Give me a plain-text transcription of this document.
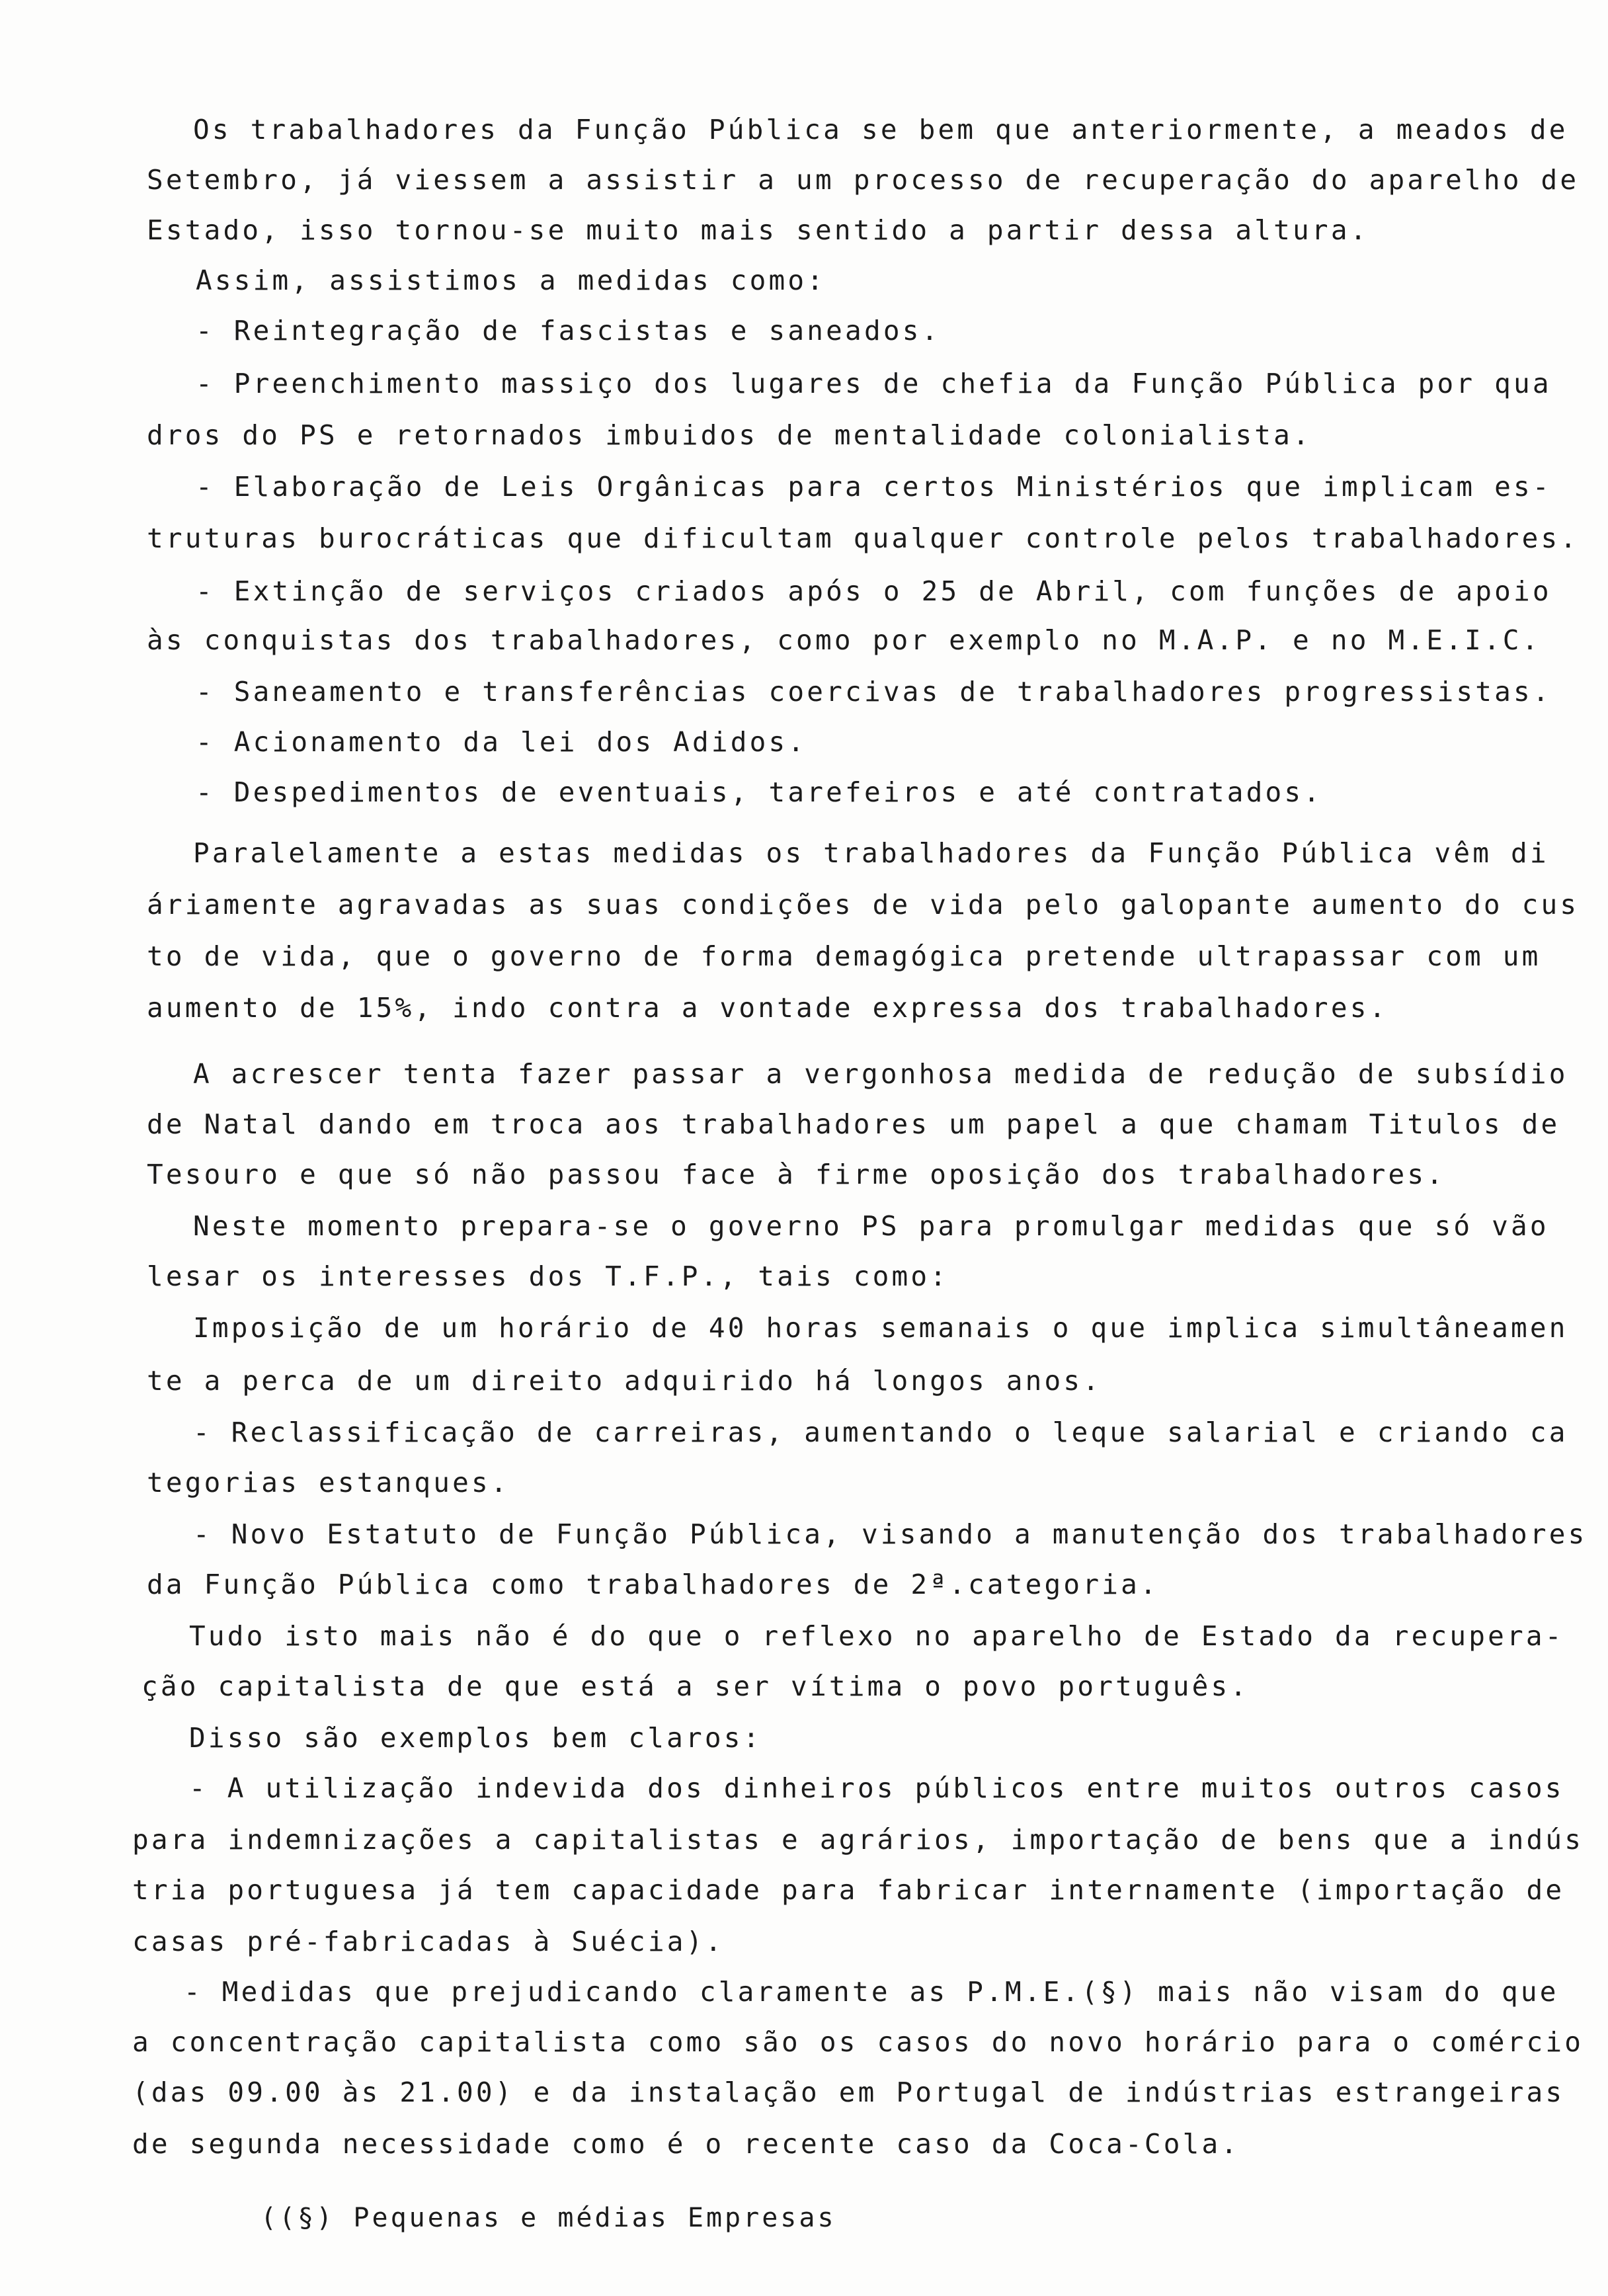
Os trabalhadores da Função Pública se bem que anteriormente, a meados de
Setembro, já viessem a assistir a um processo de recuperação do aparelho de
Estado, isso tornou-se muito mais sentido a partir dessa altura.
Assim, assistimos a medidas como:
- Reintegração de fascistas e saneados.
- Preenchimento massiço dos lugares de chefia da Função Pública por qua
dros do PS e retornados imbuidos de mentalidade colonialista.
- Elaboração de Leis Orgânicas para certos Ministérios que implicam es-
truturas burocráticas que dificultam qualquer controle pelos trabalhadores.
- Extinção de serviços criados após o 25 de Abril, com funções de apoio
às conquistas dos trabalhadores, como por exemplo no M.A.P. e no M.E.I.C.
- Saneamento e transferências coercivas de trabalhadores progressistas.
- Acionamento da lei dos Adidos.
- Despedimentos de eventuais, tarefeiros e até contratados.
Paralelamente a estas medidas os trabalhadores da Função Pública vêm di
áriamente agravadas as suas condições de vida pelo galopante aumento do cus
to de vida, que o governo de forma demagógica pretende ultrapassar com um
aumento de 15%, indo contra a vontade expressa dos trabalhadores.
A acrescer tenta fazer passar a vergonhosa medida de redução de subsídio
de Natal dando em troca aos trabalhadores um papel a que chamam Titulos de
Tesouro e que só não passou face à firme oposição dos trabalhadores.
Neste momento prepara-se o governo PS para promulgar medidas que só vão
lesar os interesses dos T.F.P., tais como:
Imposição de um horário de 40 horas semanais o que implica simultâneamen
te a perca de um direito adquirido há longos anos.
- Reclassificação de carreiras, aumentando o leque salarial e criando ca
tegorias estanques.
- Novo Estatuto de Função Pública, visando a manutenção dos trabalhadores
da Função Pública como trabalhadores de 2ª.categoria.
Tudo isto mais não é do que o reflexo no aparelho de Estado da recupera-
ção capitalista de que está a ser vítima o povo português.
Disso são exemplos bem claros:
- A utilização indevida dos dinheiros públicos entre muitos outros casos
para indemnizações a capitalistas e agrários, importação de bens que a indús
tria portuguesa já tem capacidade para fabricar internamente (importação de
casas pré-fabricadas à Suécia).
- Medidas que prejudicando claramente as P.M.E.(§) mais não visam do que
a concentração capitalista como são os casos do novo horário para o comércio
(das 09.00 às 21.00) e da instalação em Portugal de indústrias estrangeiras
de segunda necessidade como é o recente caso da Coca-Cola.
((§) Pequenas e médias Empresas
